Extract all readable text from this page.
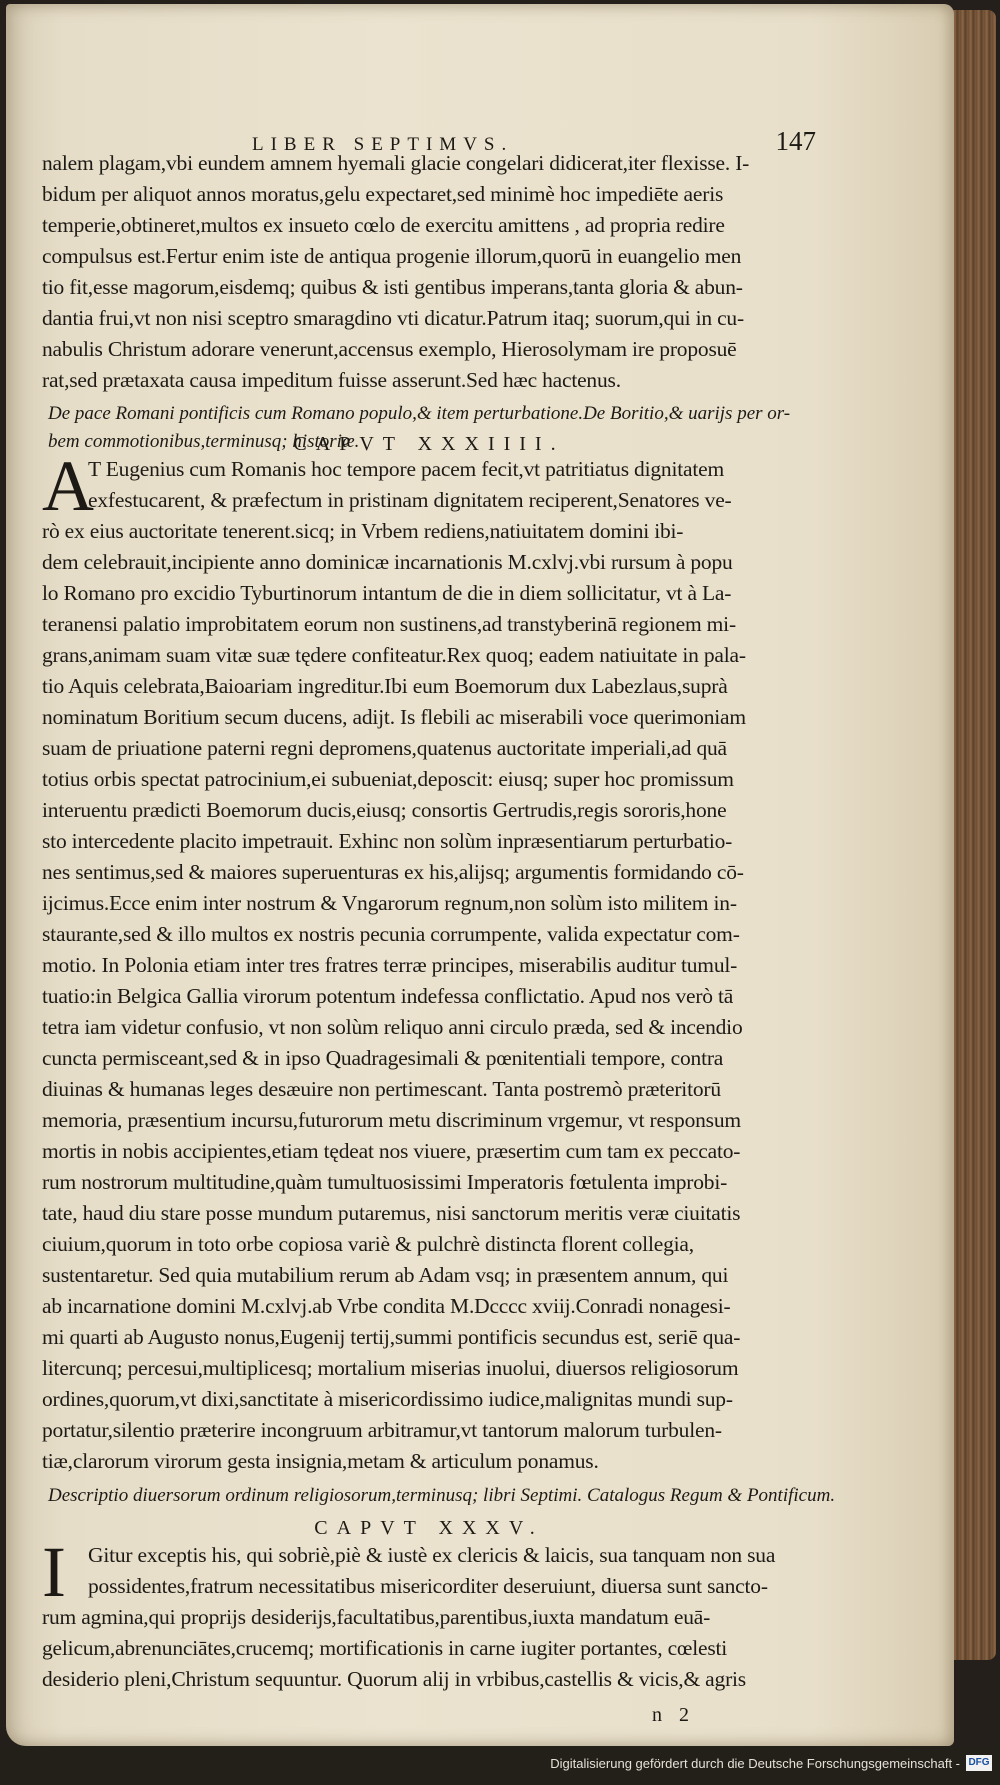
LIBER SEPTIMVS.	147
nalem plagam,vbi eundem amnem hyemali glacie congelari didicerat,iter flexisse. I-
bidum per aliquot annos moratus,gelu expectaret,sed minimè hoc impediēte aeris
temperie,obtineret,multos ex insueto cœlo de exercitu amittens , ad propria redire
compulsus est.Fertur enim iste de antiqua progenie illorum,quorū in euangelio men
tio fit,esse magorum,eisdemq; quibus & isti gentibus imperans,tanta gloria & abun-
dantia frui,vt non nisi sceptro smaragdino vti dicatur.Patrum itaq; suorum,qui in cu-
nabulis Christum adorare venerunt,accensus exemplo, Hierosolymam ire proposuē
rat,sed prætaxata causa impeditum fuisse asserunt.Sed hæc hactenus.
De pace Romani pontificis cum Romano populo,& item perturbatione.De Boritio,& uarijs per or-
bem commotionibus,terminusq; historiæ.
CAPVT XXXIIII.
A
T Eugenius cum Romanis hoc tempore pacem fecit,vt patritiatus dignitatem
exfestucarent, & præfectum in pristinam dignitatem reciperent,Senatores ve-
rò ex eius auctoritate tenerent.sicq; in Vrbem rediens,natiuitatem domini ibi-
dem celebrauit,incipiente anno dominicæ incarnationis M.cxlvj.vbi rursum à popu
lo Romano pro excidio Tyburtinorum intantum de die in diem sollicitatur, vt à La-
teranensi palatio improbitatem eorum non sustinens,ad transtyberinā regionem mi-
grans,animam suam vitæ suæ tędere confiteatur.Rex quoq; eadem natiuitate in pala-
tio Aquis celebrata,Baioariam ingreditur.Ibi eum Boemorum dux Labezlaus,suprà
nominatum Boritium secum ducens, adijt. Is flebili ac miserabili voce querimoniam
suam de priuatione paterni regni depromens,quatenus auctoritate imperiali,ad quā
totius orbis spectat patrocinium,ei subueniat,deposcit: eiusq; super hoc promissum
interuentu prædicti Boemorum ducis,eiusq; consortis Gertrudis,regis sororis,hone
sto intercedente placito impetrauit. Exhinc non solùm inpræsentiarum perturbatio-
nes sentimus,sed & maiores superuenturas ex his,alijsq; argumentis formidando cō-
ijcimus.Ecce enim inter nostrum & Vngarorum regnum,non solùm isto militem in-
staurante,sed & illo multos ex nostris pecunia corrumpente, valida expectatur com-
motio. In Polonia etiam inter tres fratres terræ principes, miserabilis auditur tumul-
tuatio:in Belgica Gallia virorum potentum indefessa conflictatio. Apud nos verò tā
tetra iam videtur confusio, vt non solùm reliquo anni circulo præda, sed & incendio
cuncta permisceant,sed & in ipso Quadragesimali & pœnitentiali tempore, contra
diuinas & humanas leges desæuire non pertimescant. Tanta postremò præteritorū
memoria, præsentium incursu,futurorum metu discriminum vrgemur, vt responsum
mortis in nobis accipientes,etiam tędeat nos viuere, præsertim cum tam ex peccato-
rum nostrorum multitudine,quàm tumultuosissimi Imperatoris fœtulenta improbi-
tate, haud diu stare posse mundum putaremus, nisi sanctorum meritis veræ ciuitatis
ciuium,quorum in toto orbe copiosa variè & pulchrè distincta florent collegia,
sustentaretur. Sed quia mutabilium rerum ab Adam vsq; in præsentem annum, qui
ab incarnatione domini M.cxlvj.ab Vrbe condita M.Dcccc xviij.Conradi nonagesi-
mi quarti ab Augusto nonus,Eugenij tertij,summi pontificis secundus est, seriē qua-
litercunq; percesui,multiplicesq; mortalium miserias inuolui, diuersos religiosorum
ordines,quorum,vt dixi,sanctitate à misericordissimo iudice,malignitas mundi sup-
portatur,silentio præterire incongruum arbitramur,vt tantorum malorum turbulen-
tiæ,clarorum virorum gesta insignia,metam & articulum ponamus.
Descriptio diuersorum ordinum religiosorum,terminusq; libri Septimi. Catalogus Regum & Pontificum.
CAPVT XXXV.
I	Gitur exceptis his, qui sobriè,piè & iustè ex clericis & laicis, sua tanquam non sua
possidentes,fratrum necessitatibus misericorditer deseruiunt, diuersa sunt sancto-
rum agmina,qui proprijs desiderijs,facultatibus,parentibus,iuxta mandatum euā-
gelicum,abrenunciātes,crucemq; mortificationis in carne iugiter portantes, cœlesti
desiderio pleni,Christum sequuntur. Quorum alij in vrbibus,castellis & vicis,& agris
n 2
Digitalisierung gefördert durch die Deutsche Forschungsgemeinschaft - DFG
